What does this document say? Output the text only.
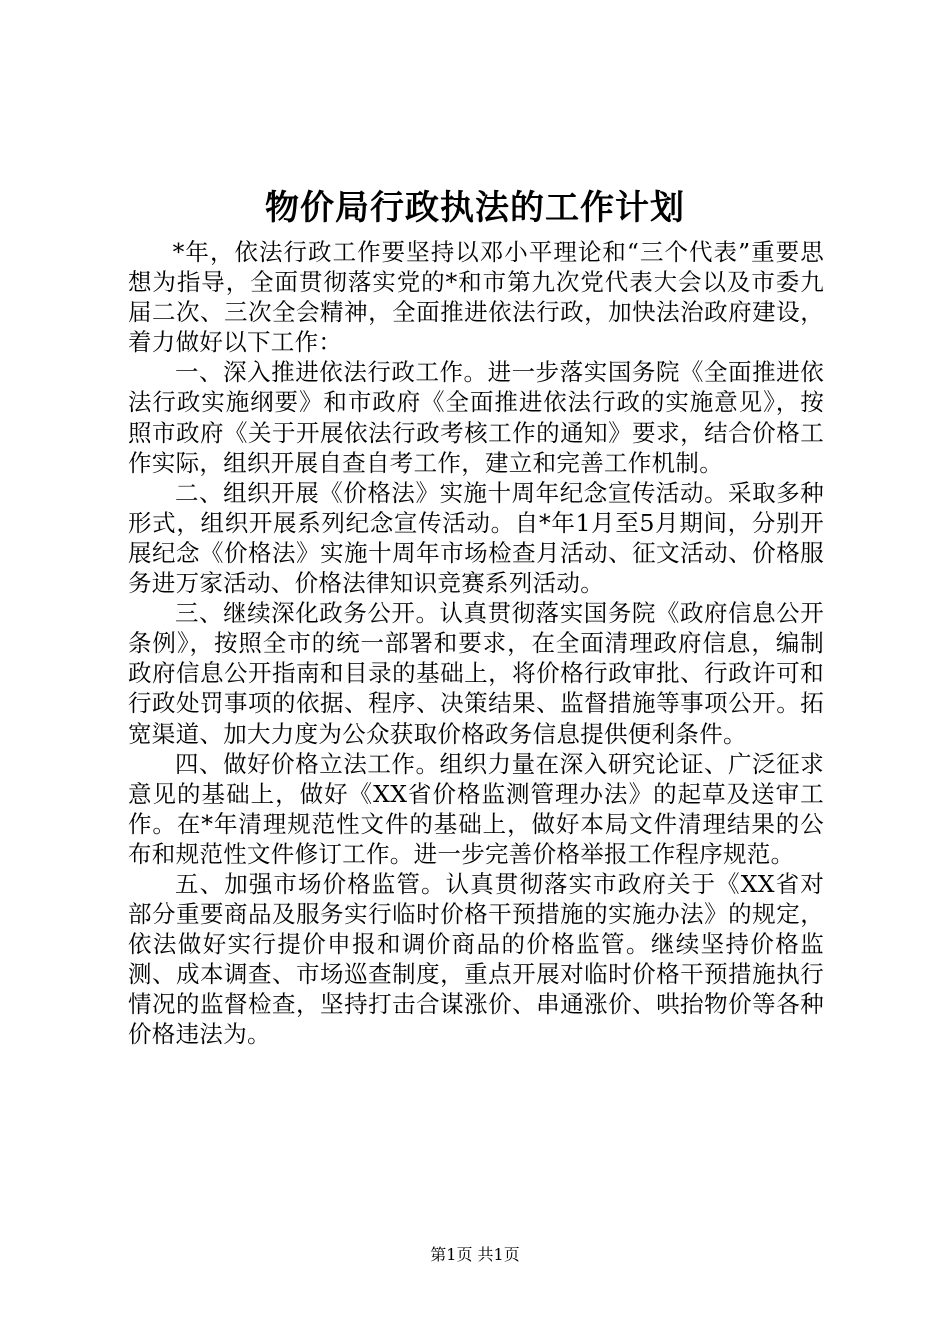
物价局行政执法的工作计划

*年，依法行政工作要坚持以邓小平理论和“三个代表”重要思想为指导，全面贯彻落实党的*和市第九次党代表大会以及市委九届二次、三次全会精神，全面推进依法行政，加快法治政府建设，着力做好以下工作：

一、深入推进依法行政工作。进一步落实国务院《全面推进依法行政实施纲要》和市政府《全面推进依法行政的实施意见》，按照市政府《关于开展依法行政考核工作的通知》要求，结合价格工作实际，组织开展自查自考工作，建立和完善工作机制。

二、组织开展《价格法》实施十周年纪念宣传活动。采取多种形式，组织开展系列纪念宣传活动。自*年1月至5月期间，分别开展纪念《价格法》实施十周年市场检查月活动、征文活动、价格服务进万家活动、价格法律知识竞赛系列活动。

三、继续深化政务公开。认真贯彻落实国务院《政府信息公开条例》，按照全市的统一部署和要求，在全面清理政府信息，编制政府信息公开指南和目录的基础上，将价格行政审批、行政许可和行政处罚事项的依据、程序、决策结果、监督措施等事项公开。拓宽渠道、加大力度为公众获取价格政务信息提供便利条件。

四、做好价格立法工作。组织力量在深入研究论证、广泛征求意见的基础上，做好《XX省价格监测管理办法》的起草及送审工作。在*年清理规范性文件的基础上，做好本局文件清理结果的公布和规范性文件修订工作。进一步完善价格举报工作程序规范。

五、加强市场价格监管。认真贯彻落实市政府关于《XX省对部分重要商品及服务实行临时价格干预措施的实施办法》的规定，依法做好实行提价申报和调价商品的价格监管。继续坚持价格监测、成本调查、市场巡查制度，重点开展对临时价格干预措施执行情况的监督检查，坚持打击合谋涨价、串通涨价、哄抬物价等各种价格违法为。

第1页 共1页
